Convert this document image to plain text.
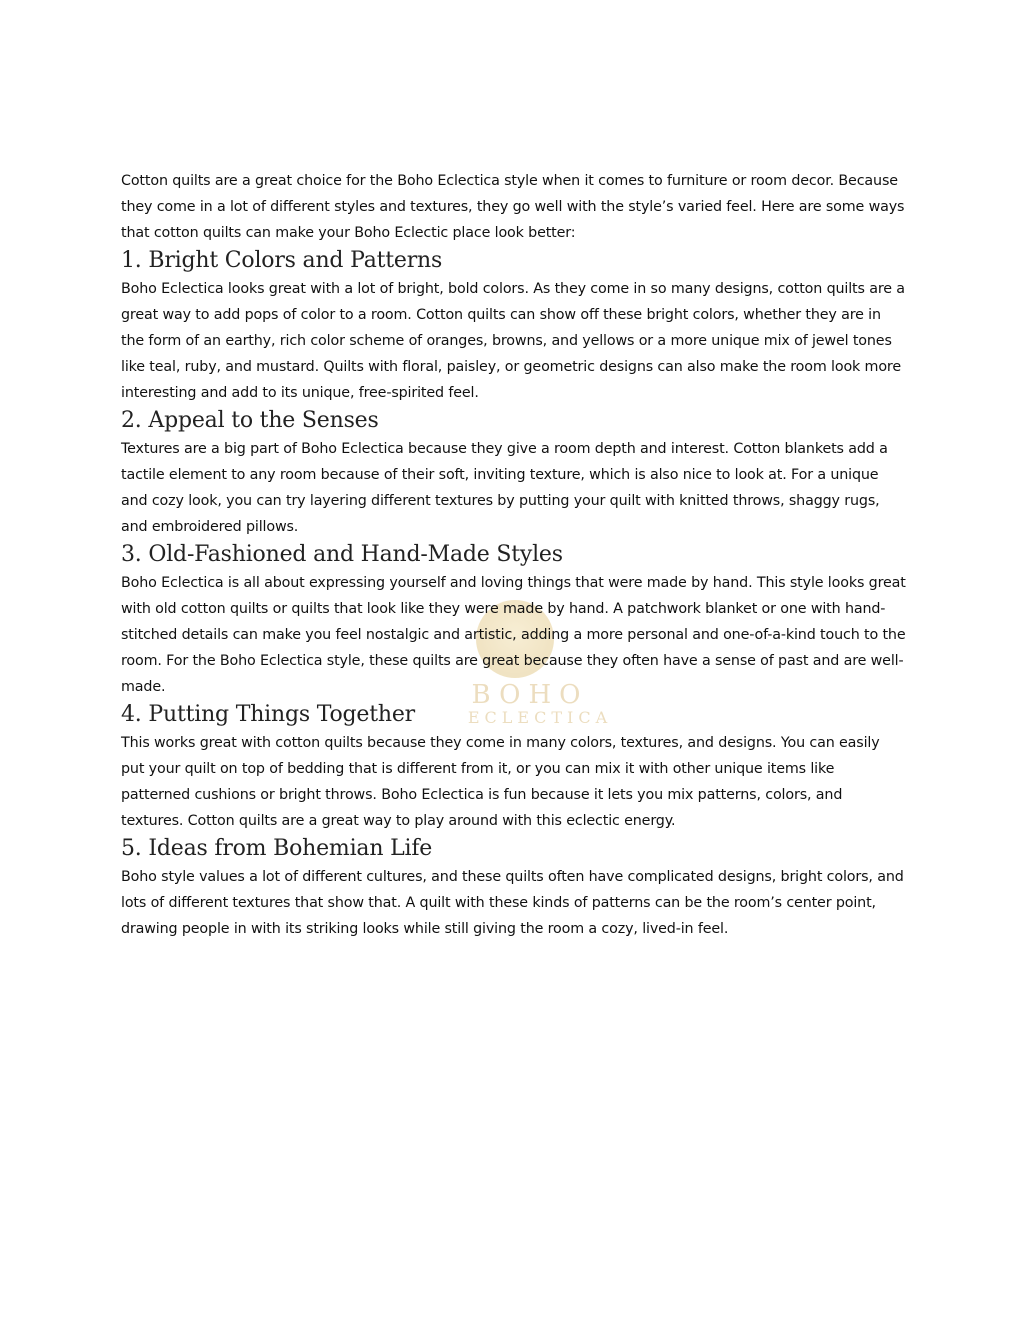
BOHO
ECLECTICA

Cotton quilts are a great choice for the Boho Eclectica style when it comes to furniture or room decor. Because they come in a lot of different styles and textures, they go well with the style’s varied feel. Here are some ways that cotton quilts can make your Boho Eclectic place look better:

1. Bright Colors and Patterns

Boho Eclectica looks great with a lot of bright, bold colors. As they come in so many designs, cotton quilts are a great way to add pops of color to a room. Cotton quilts can show off these bright colors, whether they are in the form of an earthy, rich color scheme of oranges, browns, and yellows or a more unique mix of jewel tones like teal, ruby, and mustard. Quilts with floral, paisley, or geometric designs can also make the room look more interesting and add to its unique, free-spirited feel.

2. Appeal to the Senses

Textures are a big part of Boho Eclectica because they give a room depth and interest. Cotton blankets add a tactile element to any room because of their soft, inviting texture, which is also nice to look at. For a unique and cozy look, you can try layering different textures by putting your quilt with knitted throws, shaggy rugs, and embroidered pillows.

3. Old-Fashioned and Hand-Made Styles

Boho Eclectica is all about expressing yourself and loving things that were made by hand. This style looks great with old cotton quilts or quilts that look like they were made by hand. A patchwork blanket or one with hand-stitched details can make you feel nostalgic and artistic, adding a more personal and one-of-a-kind touch to the room. For the Boho Eclectica style, these quilts are great because they often have a sense of past and are well-made.

4. Putting Things Together

This works great with cotton quilts because they come in many colors, textures, and designs. You can easily put your quilt on top of bedding that is different from it, or you can mix it with other unique items like patterned cushions or bright throws. Boho Eclectica is fun because it lets you mix patterns, colors, and textures. Cotton quilts are a great way to play around with this eclectic energy.

5. Ideas from Bohemian Life

Boho style values a lot of different cultures, and these quilts often have complicated designs, bright colors, and lots of different textures that show that. A quilt with these kinds of patterns can be the room’s center point, drawing people in with its striking looks while still giving the room a cozy, lived-in feel.
